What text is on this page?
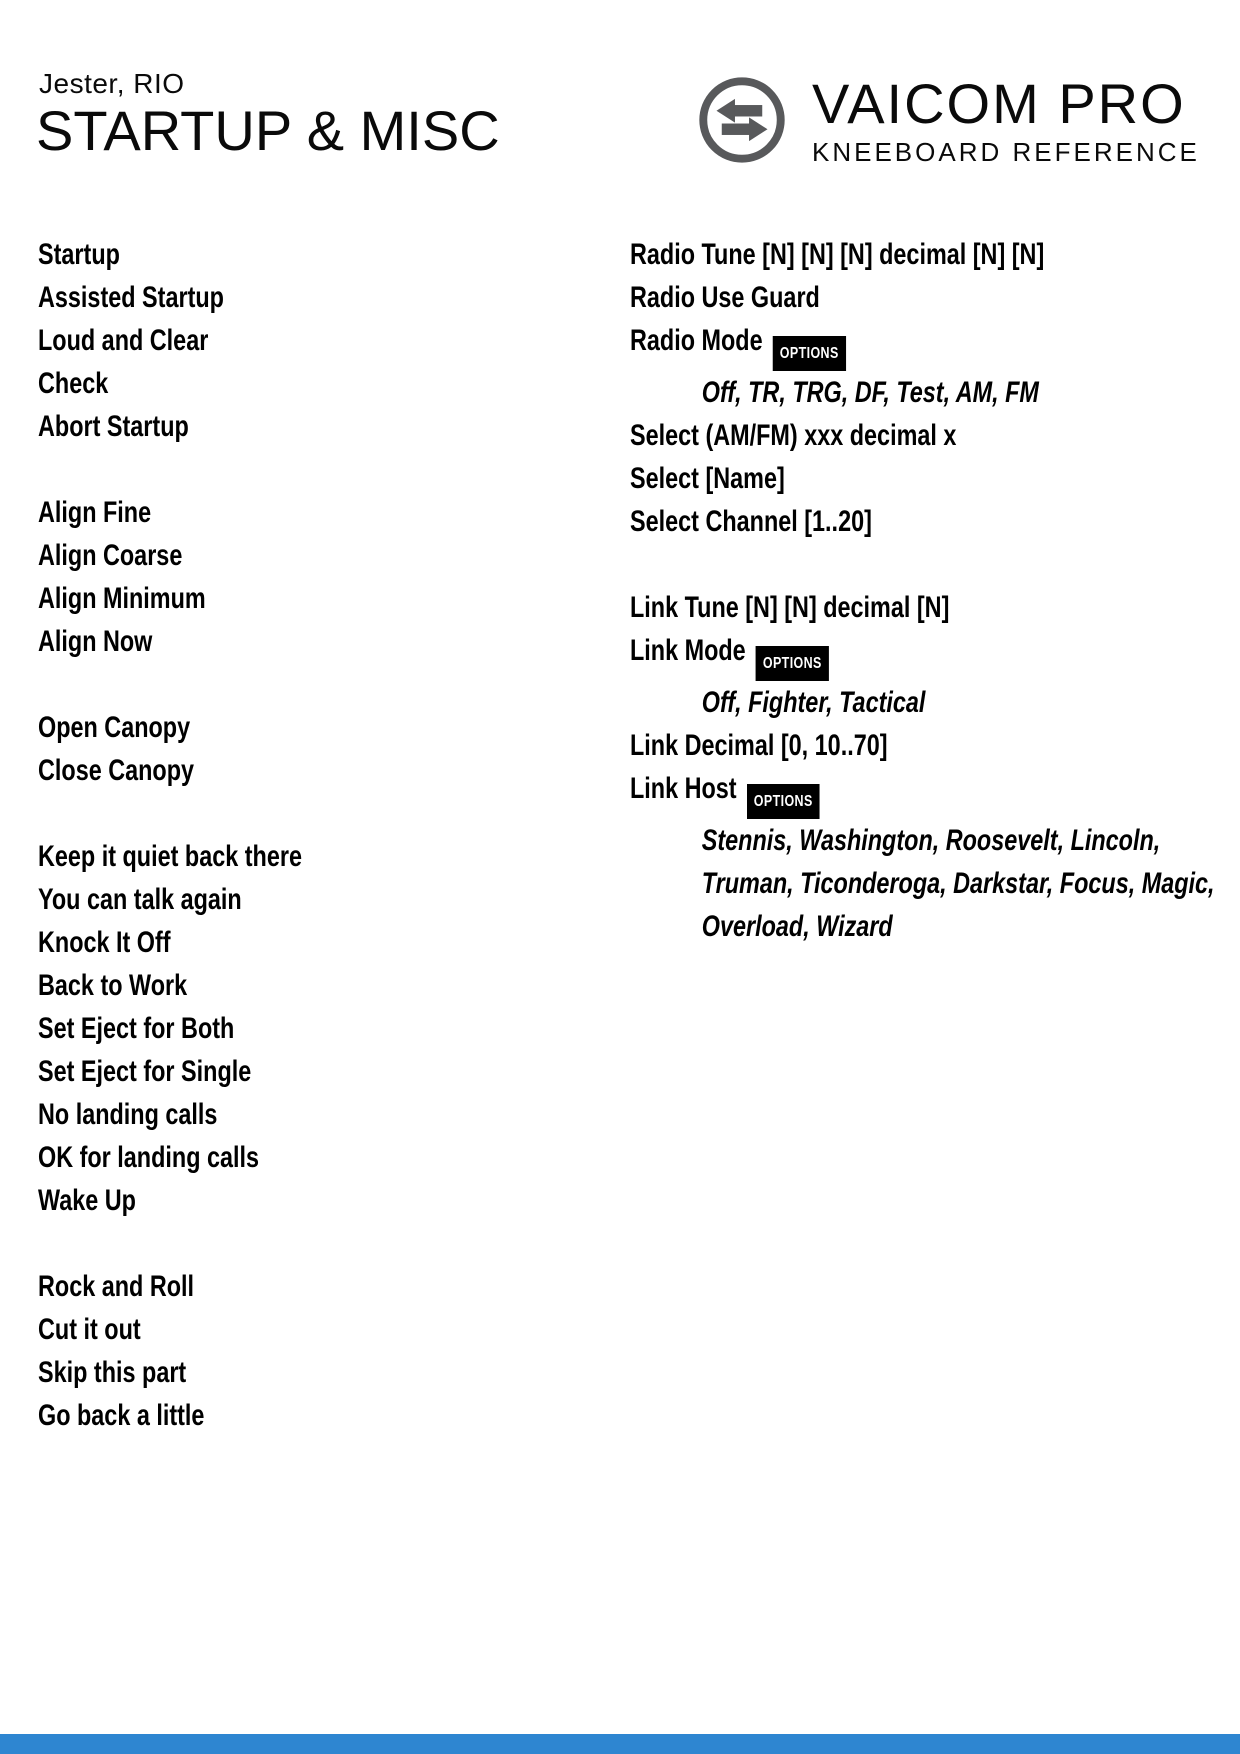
Jester, RIO
STARTUP & MISC	VAICOM PRO
KNEEBOARD REFERENCE
Startup
Assisted Startup
Loud and Clear
Check
Abort Startup
Align Fine
Align Coarse
Align Minimum
Align Now
Open Canopy
Close Canopy
Keep it quiet back there
You can talk again
Knock It Off
Back to Work
Set Eject for Both
Set Eject for Single
No landing calls
OK for landing calls
Wake Up
Rock and Roll
Cut it out
Skip this part
Go back a little
Radio Tune [N] [N] [N] decimal [N] [N]
Radio Use Guard
Radio Mode OPTIONS
Off, TR, TRG, DF, Test, AM, FM
Select (AM/FM) xxx decimal x
Select [Name]
Select Channel [1..20]
Link Tune [N] [N] decimal [N]
Link Mode OPTIONS
Off, Fighter, Tactical
Link Decimal [0, 10..70]
Link Host OPTIONS
Stennis, Washington, Roosevelt, Lincoln,
Truman, Ticonderoga, Darkstar, Focus, Magic,
Overload, Wizard
